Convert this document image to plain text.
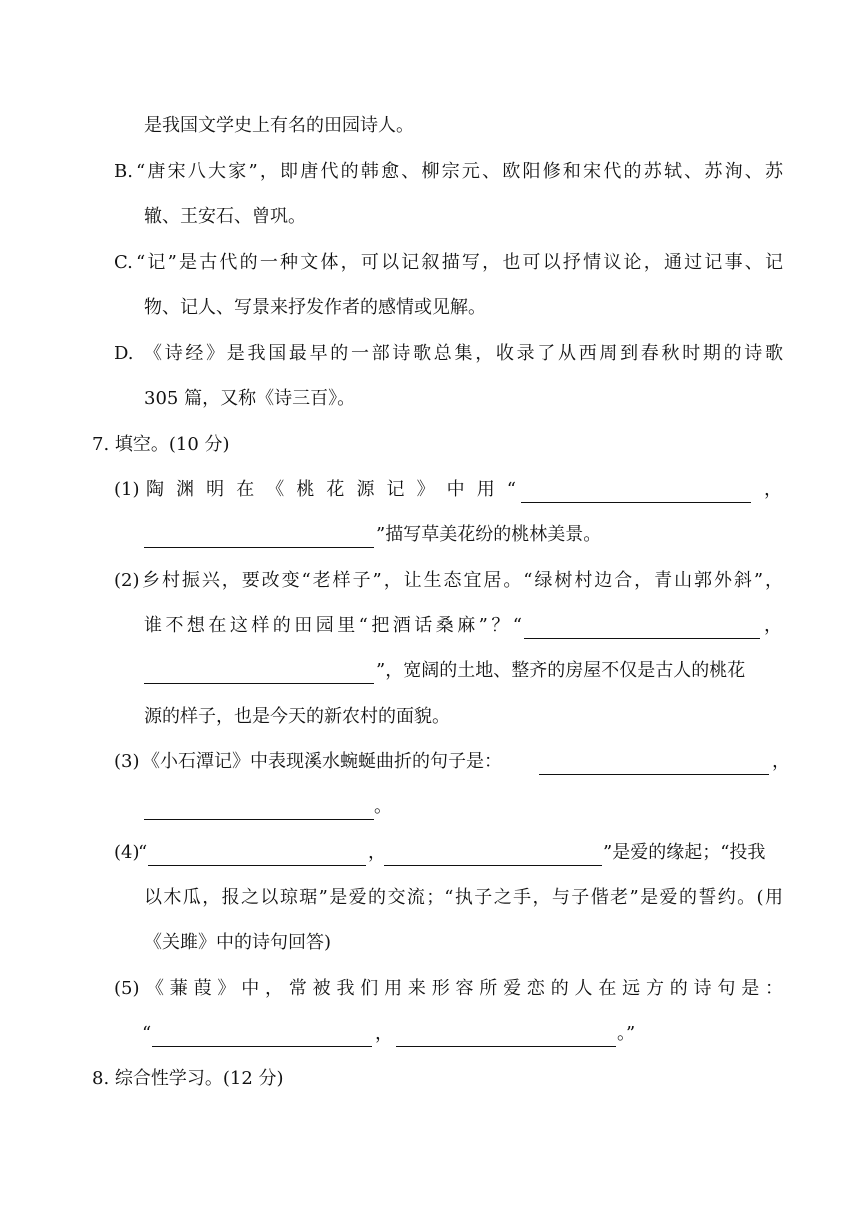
是我国文学史上有名的田园诗人。
B. “唐宋八大家”，即唐代的韩愈、柳宗元、欧阳修和宋代的苏轼、苏洵、苏
辙、王安石、曾巩。
C. “记”是古代的一种文体，可以记叙描写，也可以抒情议论，通过记事、记
物、记人、写景来抒发作者的感情或见解。
D. 《诗经》是我国最早的一部诗歌总集，收录了从西周到春秋时期的诗歌
305 篇，又称《诗三百》。
7. 填空。(10 分)
(1) 陶 渊 明 在 《 桃 花 源 记 》 中 用 “	，
”描写草美花纷的桃林美景。
(2) 乡村振兴，要改变“老样子”，让生态宜居。“绿树村边合，青山郭外斜”，
谁不想在这样的田园里“把酒话桑麻”？“	，
”，宽阔的土地、整齐的房屋不仅是古人的桃花
源的样子，也是今天的新农村的面貌。
(3) 《小石潭记》中表现溪水蜿蜒曲折的句子是：	，
。
(4)
“	，	”是爱的缘起；“投我
以木瓜，报之以琼琚”是爱的交流；“执子之手，与子偕老”是爱的誓约。(用
《关雎》中的诗句回答)
(5) 《蒹葭》中，常被我们用来形容所爱恋的人在远方的诗句是：
“	，	。”
8. 综合性学习。(12 分)
